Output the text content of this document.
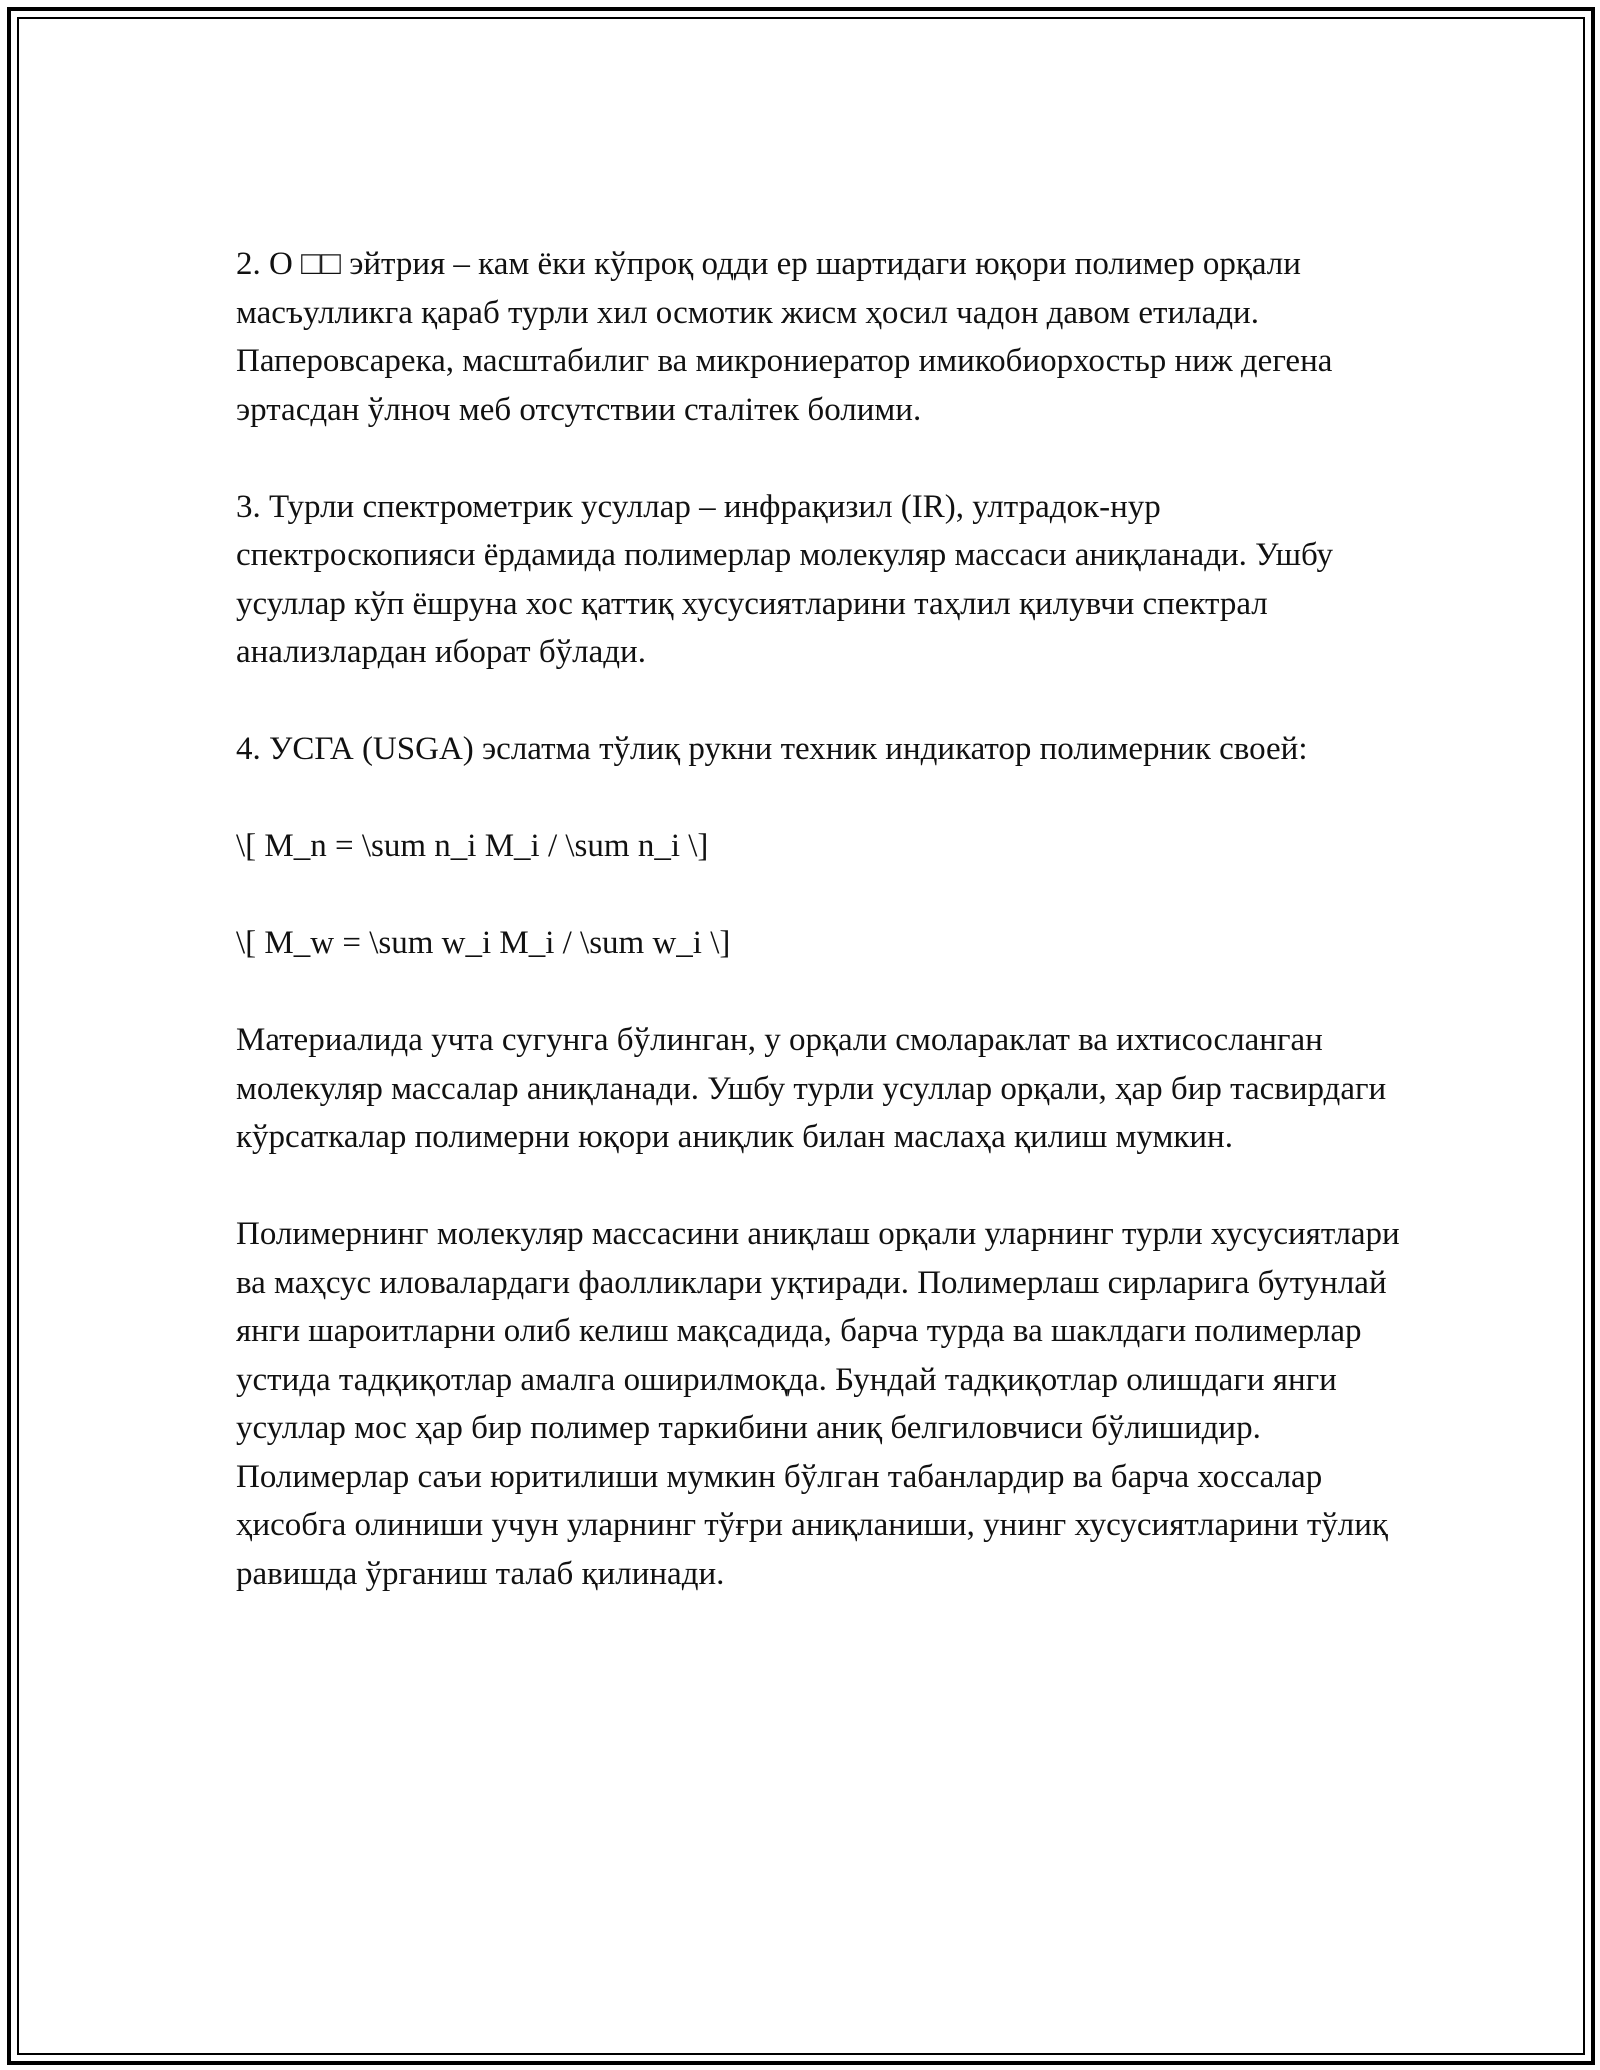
2. О □□ эйтрия – кам ёки кўпроқ одди ер шартидаги юқори полимер орқали масъулликга қараб турли хил осмотик жисм ҳосил чадон давом етилади. Паперовсарека, масштабилиг ва микрониератор имикобиорхостьр ниж дегена эртасдан ўлноч меб отсутствии сталітек болими.

3. Турли спектрометрик усуллар – инфрақизил (IR), ултрадок-нур спектроскопияси ёрдамида полимерлар молекуляр массаси аниқланади. Ушбу усуллар кўп ёшруна хос қаттиқ хусусиятларини таҳлил қилувчи спектрал анализлардан иборат бўлади.

4. УСГА (USGA) эслатма тўлиқ рукни техник индикатор полимерник своей:

\[ M_n = \sum n_i M_i / \sum n_i \]

\[ M_w = \sum w_i M_i / \sum w_i \]

Материалида учта сугунга бўлинган, у орқали смолараклат ва ихтисосланган молекуляр массалар аниқланади. Ушбу турли усуллар орқали, ҳар бир тасвирдаги кўрсаткалар полимерни юқори аниқлик билан маслаҳа қилиш мумкин.

Полимернинг молекуляр массасини аниқлаш орқали уларнинг турли хусусиятлари ва маҳсус иловалардаги фаолликлари уқтиради. Полимерлаш сирларига бутунлай янги шароитларни олиб келиш мақсадида, барча турда ва шаклдаги полимерлар устида тадқиқотлар амалга оширилмоқда. Бундай тадқиқотлар олишдаги янги усуллар мос ҳар бир полимер таркибини аниқ белгиловчиси бўлишидир. Полимерлар саъи юритилиши мумкин бўлган табанлардир ва барча хоссалар ҳисобга олиниши учун уларнинг тўғри аниқланиши, унинг хусусиятларини тўлиқ равишда ўрганиш талаб қилинади.
